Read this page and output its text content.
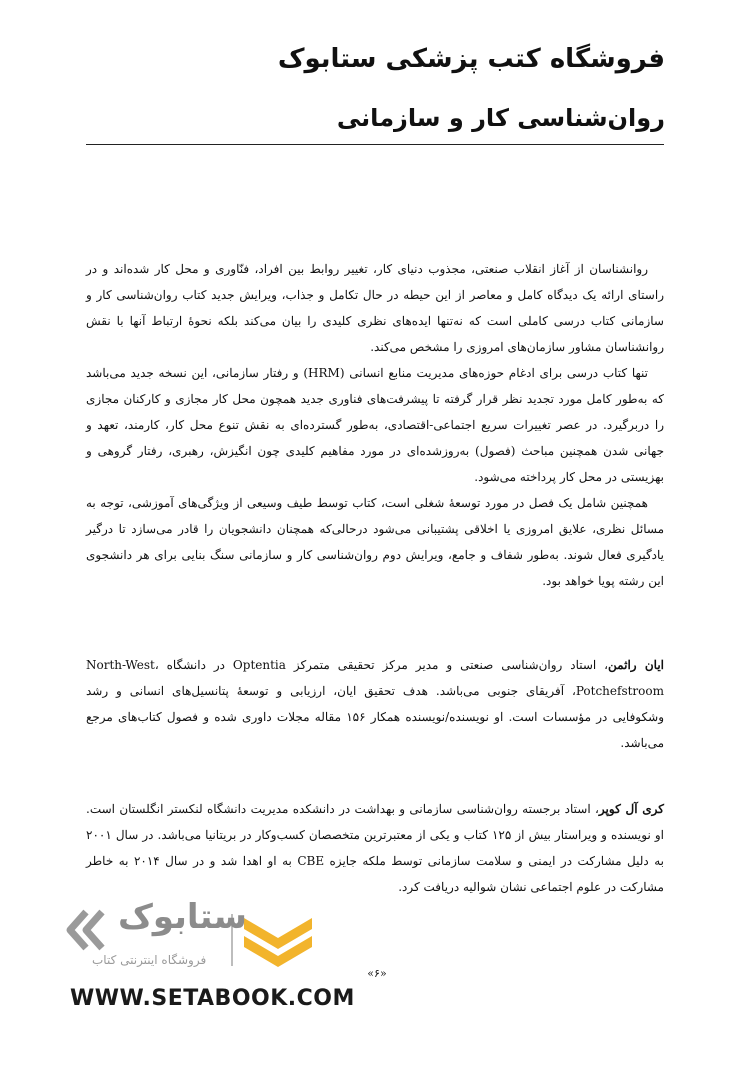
فروشگاه کتب پزشکی ستابوک
روان‌شناسی کار و سازمانی

روانشناسان از آغاز انقلاب صنعتی، مجذوب دنیای کار، تغییر روابط بین افراد، فنّاوری و محل کار شده‌اند و در راستای ارائه یک دیدگاه کامل و معاصر از این حیطه در حال تکامل و جذاب، ویرایش جدید کتاب روان‌شناسی کار و سازمانی کتاب درسی کاملی است که نه‌تنها ایده‌های نظری کلیدی را بیان می‌کند بلکه نحوهٔ ارتباط آنها با نقش روانشناسان مشاور سازمان‌های امروزی را مشخص می‌کند.

تنها کتاب درسی برای ادغام حوزه‌های مدیریت منابع انسانی (HRM) و رفتار سازمانی، این نسخه جدید می‌باشد که به‌طور کامل مورد تجدید نظر قرار گرفته تا پیشرفت‌های فناوری جدید همچون محل کار مجازی و کارکنان مجازی را دربرگیرد. در عصر تغییرات سریع اجتماعی-اقتصادی، به‌طور گسترده‌ای به نقش تنوع محل کار، کارمند، تعهد و جهانی شدن همچنین مباحث (فصول) به‌روزشده‌ای در مورد مفاهیم کلیدی چون انگیزش، رهبری، رفتار گروهی و بهزیستی در محل کار پرداخته می‌شود.

همچنین شامل یک فصل در مورد توسعهٔ شغلی است، کتاب توسط طیف وسیعی از ویژگی‌های آموزشی، توجه به مسائل نظری، علایق امروزی یا اخلاقی پشتیبانی می‌شود درحالی‌که همچنان دانشجویان را قادر می‌سازد تا درگیر یادگیری فعال شوند. به‌طور شفاف و جامع، ویرایش دوم روان‌شناسی کار و سازمانی سنگ بنایی برای هر دانشجوی این رشته پویا خواهد بود.

ایان راثمن، استاد روان‌شناسی صنعتی و مدیر مرکز تحقیقی متمرکز Optentia در دانشگاه North-West، Potchefstroom، آفریقای جنوبی می‌باشد. هدف تحقیق ایان، ارزیابی و توسعهٔ پتانسیل‌های انسانی و رشد وشکوفایی در مؤسسات است. او نویسنده/نویسنده همکار ۱۵۶ مقاله مجلات داوری شده و فصول کتاب‌های مرجع می‌باشد.

کری آل کوپر، استاد برجسته روان‌شناسی سازمانی و بهداشت در دانشکده مدیریت دانشگاه لنکستر انگلستان است. او نویسنده و ویراستار بیش از ۱۲۵ کتاب و یکی از معتبرترین متخصصان کسب‌وکار در بریتانیا می‌باشد. در سال ۲۰۰۱ به دلیل مشارکت در ایمنی و سلامت سازمانی توسط ملکه جایزه CBE به او اهدا شد و در سال ۲۰۱۴ به خاطر مشارکت در علوم اجتماعی نشان شوالیه دریافت کرد.

ستابوک
فروشگاه اینترنتی کتاب
«۶»

WWW.SETABOOK.COM
